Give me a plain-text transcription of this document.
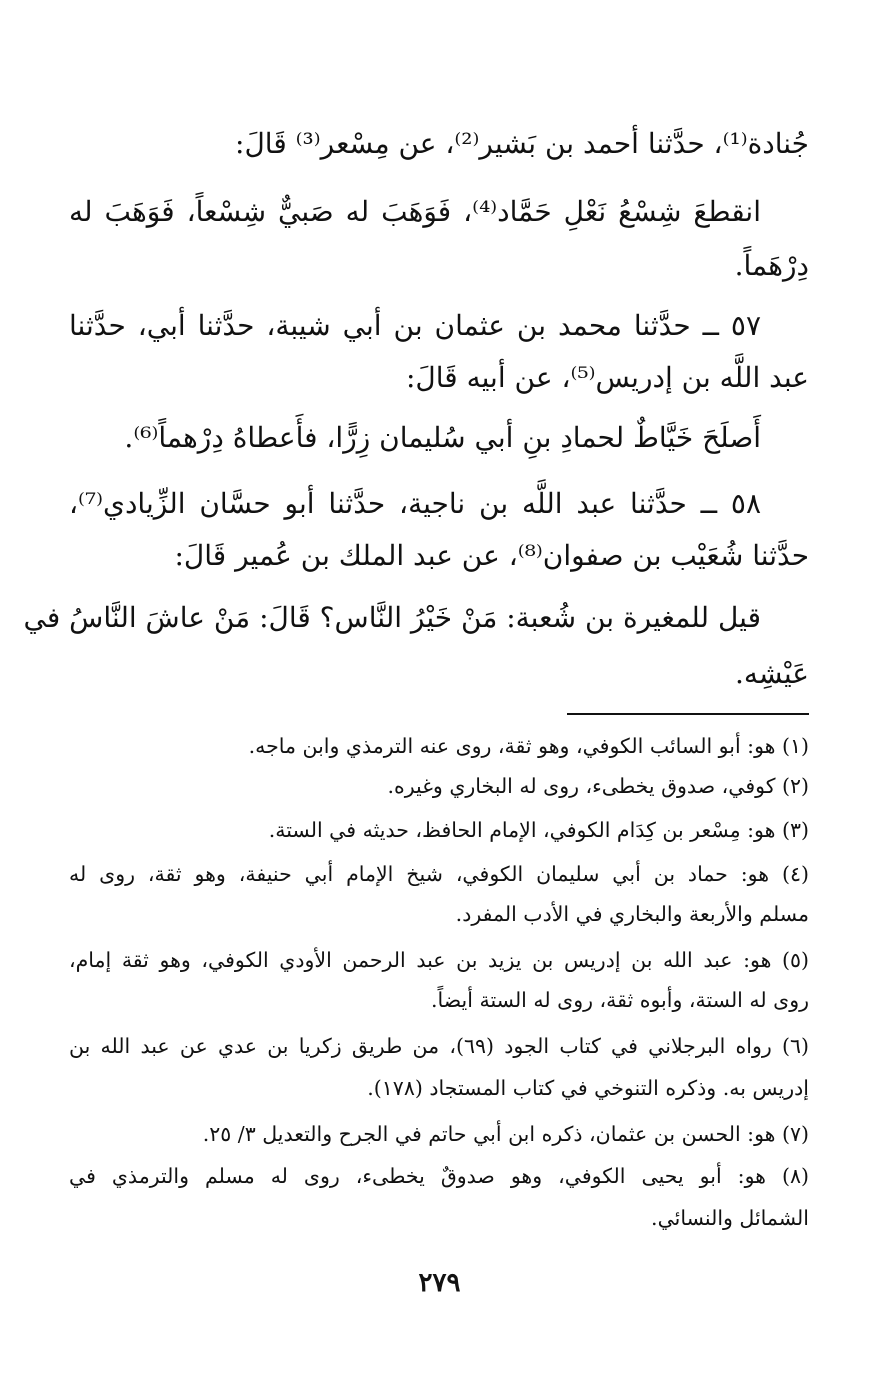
جُنادة⁽¹⁾، حدَّثنا أحمد بن بَشير⁽²⁾، عن مِسْعر⁽³⁾ قَالَ:
انقطعَ شِسْعُ نَعْلِ حَمَّاد⁽⁴⁾، فَوَهَبَ له صَبيٌّ شِسْعاً، فَوَهَبَ له
دِرْهَماً.
٥٧ ــ حدَّثنا محمد بن عثمان بن أبي شيبة، حدَّثنا أبي، حدَّثنا
عبد اللَّه بن إدريس⁽⁵⁾، عن أبيه قَالَ:
أَصلَحَ خَيَّاطٌ لحمادِ بنِ أبي سُليمان زِرًّا، فأَعطاهُ دِرْهماً⁽⁶⁾.
٥٨ ــ حدَّثنا عبد اللَّه بن ناجية، حدَّثنا أبو حسَّان الزِّيادي⁽⁷⁾،
حدَّثنا شُعَيْب بن صفوان⁽⁸⁾، عن عبد الملك بن عُمير قَالَ:
قيل للمغيرة بن شُعبة: مَنْ خَيْرُ النَّاس؟ قَالَ: مَنْ عاشَ النَّاسُ في
عَيْشِه.
(١) هو: أبو السائب الكوفي، وهو ثقة، روى عنه الترمذي وابن ماجه.
(٢) كوفي، صدوق يخطىء، روى له البخاري وغيره.
(٣) هو: مِسْعر بن كِدَام الكوفي، الإمام الحافظ، حديثه في الستة.
(٤) هو: حماد بن أبي سليمان الكوفي، شيخ الإمام أبي حنيفة، وهو ثقة، روى له
مسلم والأربعة والبخاري في الأدب المفرد.
(٥) هو: عبد الله بن إدريس بن يزيد بن عبد الرحمن الأودي الكوفي، وهو ثقة إمام،
روى له الستة، وأبوه ثقة، روى له الستة أيضاً.
(٦) رواه البرجلاني في كتاب الجود (٦٩)، من طريق زكريا بن عدي عن عبد الله بن
إدريس به. وذكره التنوخي في كتاب المستجاد (١٧٨).
(٧) هو: الحسن بن عثمان، ذكره ابن أبي حاتم في الجرح والتعديل ٣/ ٢٥.
(٨) هو: أبو يحيى الكوفي، وهو صدوقٌ يخطىء، روى له مسلم والترمذي في
الشمائل والنسائي.
٢٧٩
